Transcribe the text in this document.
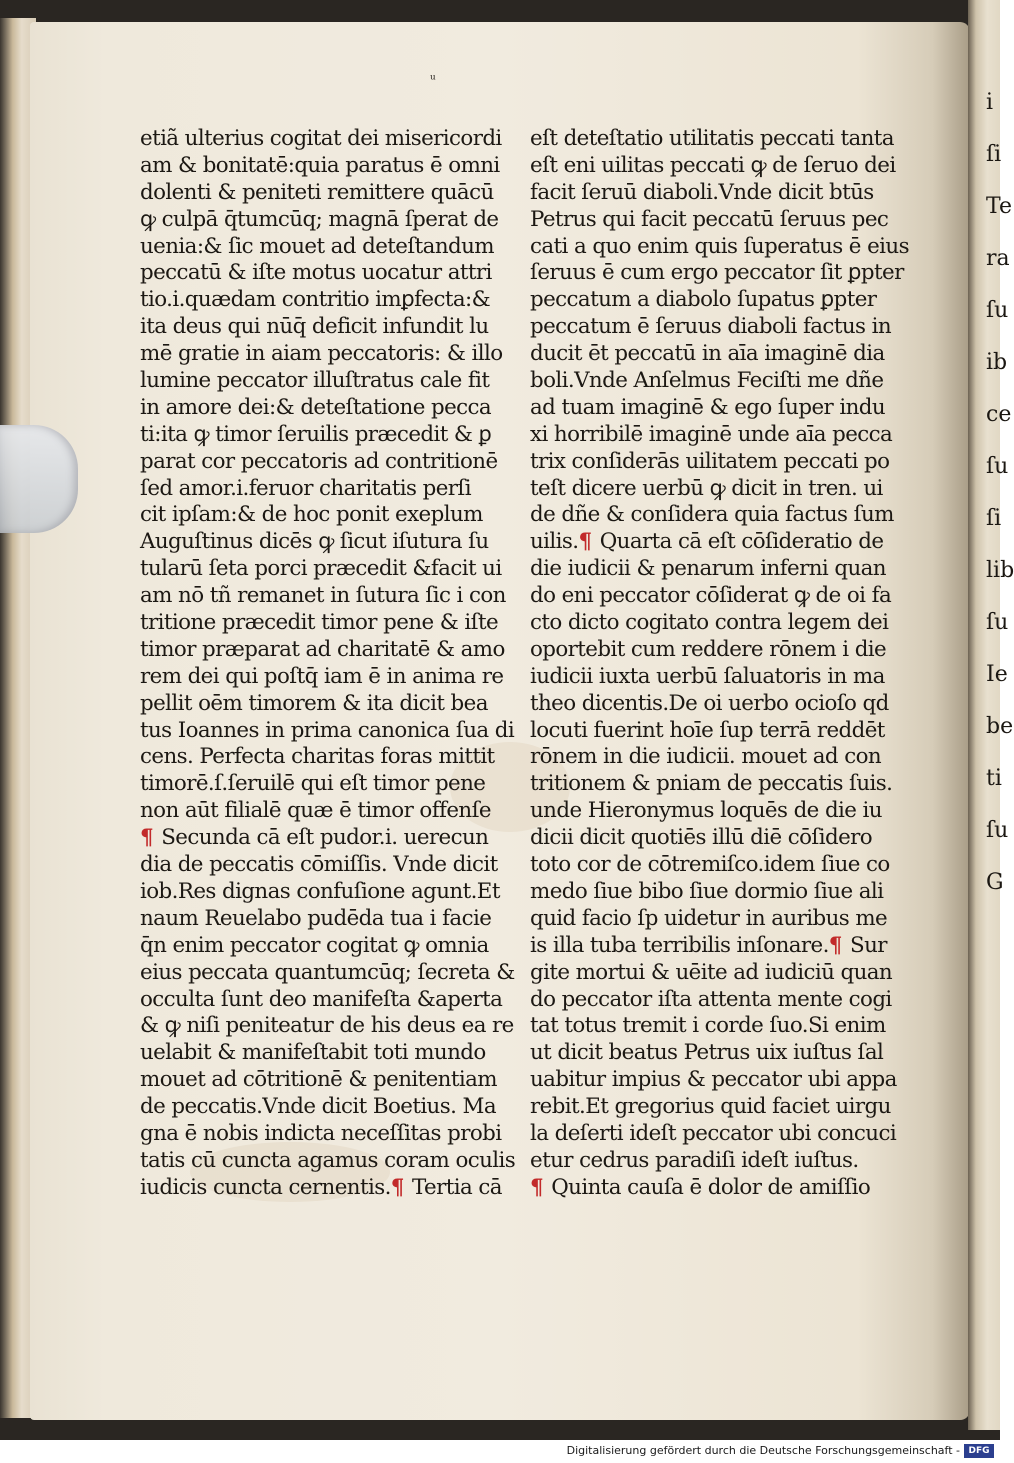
i
ſi
Te
ra
ſu
ib
ce
ſu
ſi
lib
ſu
Ie
be
ti
ſu
G
ᵘ
etiã ulterius cogitat dei misericordi
am & bonitatē:quia paratus ē omni
dolenti & peniteti remittere quācū
ꝙ culpā q̄tumcūq; magnā ſperat de
uenia:& ſic mouet ad deteſtandum
peccatū & iſte motus uocatur attri
tio.i.quædam contritio imꝑfecta:&
ita deus qui nūq̄ deficit infundit lu
mē gratie in aiam peccatoris: & illo
lumine peccator illuſtratus cale fit
in amore dei:& deteſtatione pecca
ti:ita ꝙ timor ſeruilis præcedit & ꝑ
parat cor peccatoris ad contritionē
ſed amor.i.feruor charitatis perſi
cit ipſam:& de hoc ponit exeplum
Auguſtinus dicēs ꝙ ſicut iſutura ſu
tularū ſeta porci præcedit &facit ui
am nō tñ remanet in ſutura ſic i con
tritione præcedit timor pene & iſte
timor præparat ad charitatē & amo
rem dei qui poſtq̄ iam ē in anima re
pellit oēm timorem & ita dicit bea
tus Ioannes in prima canonica ſua di
cens. Perfecta charitas foras mittit
timorē.ſ.ſeruilē qui eſt timor pene
non aūt filialē quæ ē timor offenſe
¶ Secunda cā eſt pudor.i. uerecun
dia de peccatis cōmiſſis. Vnde dicit
iob.Res dignas confuſione agunt.Et
naum Reuelabo pudēda tua i facie
q̄n enim peccator cogitat ꝙ omnia
eius peccata quantumcūq; ſecreta &
occulta ſunt deo manifeſta &aperta
& ꝙ niſi peniteatur de his deus ea re
uelabit & manifeſtabit toti mundo
mouet ad cōtritionē & penitentiam
de peccatis.Vnde dicit Boetius. Ma
gna ē nobis indicta neceſſitas probi
tatis cū cuncta agamus coram oculis
iudicis cuncta cernentis.¶ Tertia cā
eſt deteſtatio utilitatis peccati tanta
eſt eni uilitas peccati ꝙ de ſeruo dei
facit ſeruū diaboli.Vnde dicit btūs
Petrus qui facit peccatū ſeruus pec
cati a quo enim quis ſuperatus ē eius
ſeruus ē cum ergo peccator ſit ꝑpter
peccatum a diabolo ſupatus ꝑpter
peccatum ē ſeruus diaboli factus in
ducit ēt peccatū in aīa imaginē dia
boli.Vnde Anſelmus Feciſti me dñe
ad tuam imaginē & ego ſuper indu
xi horribilē imaginē unde aīa pecca
trix conſiderās uilitatem peccati po
teſt dicere uerbū ꝙ dicit in tren. ui
de dñe & conſidera quia factus ſum
uilis.¶ Quarta cā eſt cōſideratio de
die iudicii & penarum inferni quan
do eni peccator cōſiderat ꝙ de oi fa
cto dicto cogitato contra legem dei
oportebit cum reddere rōnem i die
iudicii iuxta uerbū ſaluatoris in ma
theo dicentis.De oi uerbo ocioſo qd
locuti fuerint hoīe ſup terrā reddēt
rōnem in die iudicii. mouet ad con
tritionem & pniam de peccatis ſuis.
unde Hieronymus loquēs de die iu
dicii dicit quotiēs illū diē cōſidero
toto cor de cōtremiſco.idem ſiue co
medo ſiue bibo ſiue dormio ſiue ali
quid facio ſp uidetur in auribus me
is illa tuba terribilis inſonare.¶ Sur
gite mortui & uēite ad iudiciū quan
do peccator iſta attenta mente cogi
tat totus tremit i corde ſuo.Si enim
ut dicit beatus Petrus uix iuſtus ſal
uabitur impius & peccator ubi appa
rebit.Et gregorius quid faciet uirgu
la deſerti ideſt peccator ubi concuci
etur cedrus paradiſi ideſt iuſtus.
¶ Quinta cauſa ē dolor de amiſſio
Digitalisierung gefördert durch die Deutsche Forschungsgemeinschaft - DFG
